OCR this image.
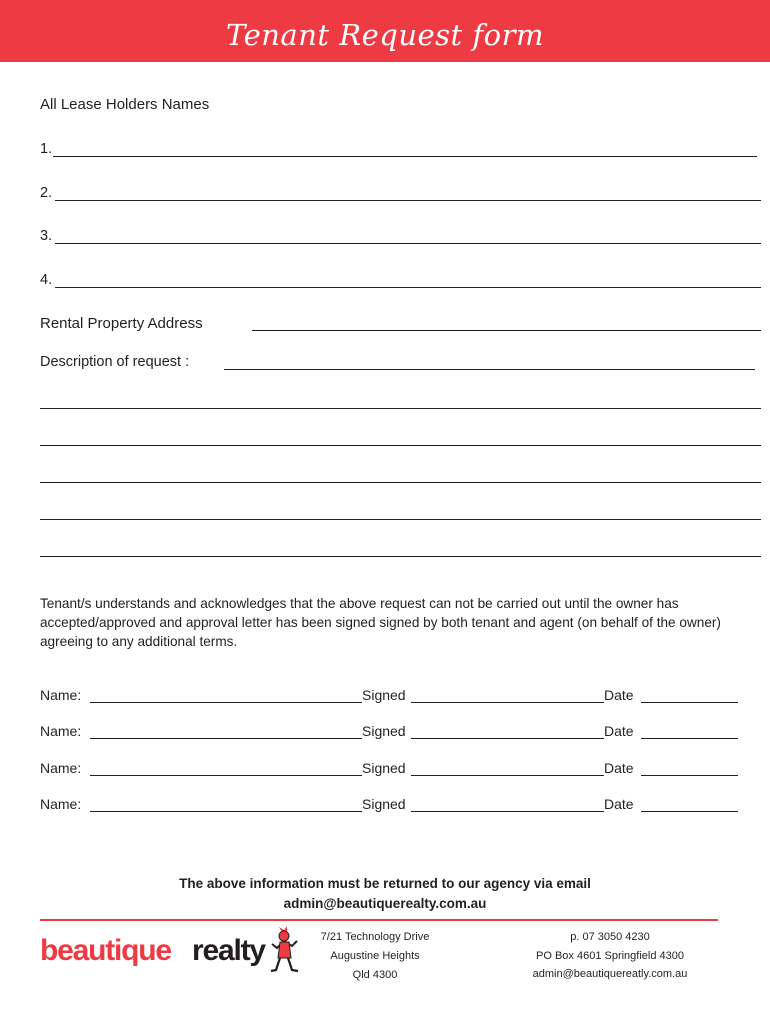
Tenant Request form
All Lease Holders Names
1.
2.
3.
4.
Rental Property Address
Description of request :
Tenant/s understands and acknowledges that the above request can not be carried out until the owner has accepted/approved and approval letter has been signed signed by both tenant and agent (on behalf of the owner) agreeing to any additional terms.
Name:	Signed	Date
Name:	Signed	Date
Name:	Signed	Date
Name:	Signed	Date
The above information must be returned to our agency via email
admin@beautiquerealty.com.au
beautique realty	7/21 Technology Drive
Augustine Heights
Qld 4300
p. 07 3050 4230
PO Box 4601 Springfield 4300
admin@beautiquereatly.com.au
